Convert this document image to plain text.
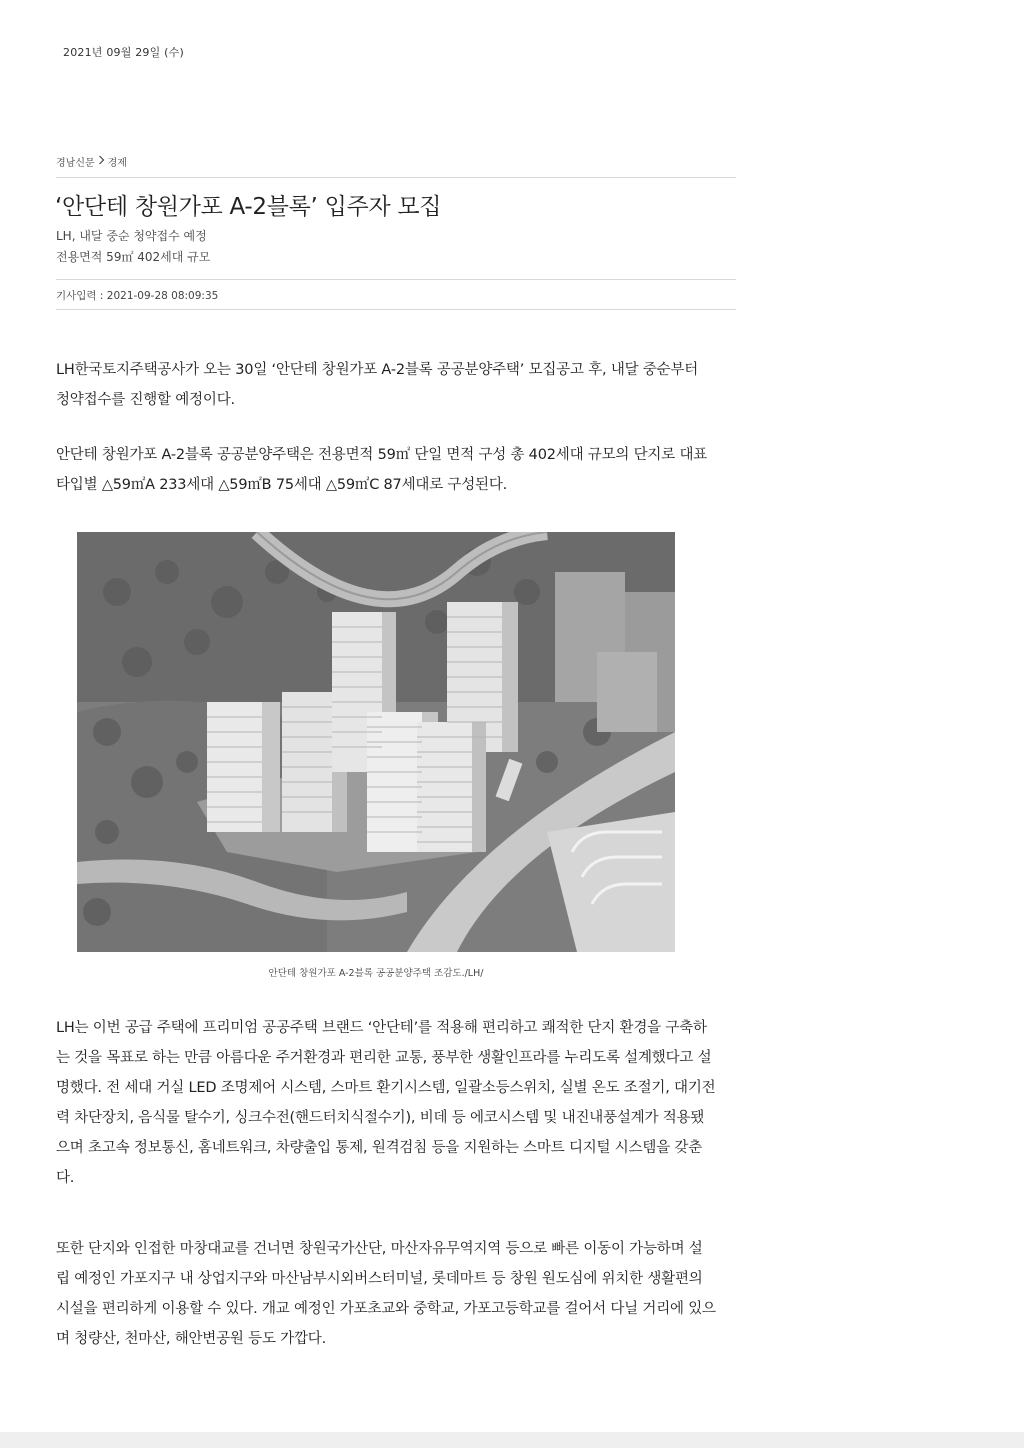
2021년 09월 29일 (수)
경남신문 경제
‘안단테 창원가포 A-2블록’ 입주자 모집
LH, 내달 중순 청약접수 예정
전용면적 59㎡ 402세대 규모
기사입력 : 2021-09-28 08:09:35

LH한국토지주택공사가 오는 30일 ‘안단테 창원가포 A-2블록 공공분양주택’ 모집공고 후, 내달 중순부터 청약접수를 진행할 예정이다.

안단테 창원가포 A-2블록 공공분양주택은 전용면적 59㎡ 단일 면적 구성 총 402세대 규모의 단지로 대표 타입별 △59㎡A 233세대 △59㎡B 75세대 △59㎡C 87세대로 구성된다.

안단테 창원가포 A-2블록 공공분양주택 조감도./LH/

LH는 이번 공급 주택에 프리미엄 공공주택 브랜드 ‘안단테’를 적용해 편리하고 쾌적한 단지 환경을 구축하는 것을 목표로 하는 만큼 아름다운 주거환경과 편리한 교통, 풍부한 생활인프라를 누리도록 설계했다고 설명했다. 전 세대 거실 LED 조명제어 시스템, 스마트 환기시스템, 일괄소등스위치, 실별 온도 조절기, 대기전력 차단장치, 음식물 탈수기, 싱크수전(핸드터치식절수기), 비데 등 에코시스템 및 내진내풍설계가 적용됐으며 초고속 정보통신, 홈네트워크, 차량출입 통제, 원격검침 등을 지원하는 스마트 디지털 시스템을 갖춘다.

또한 단지와 인접한 마창대교를 건너면 창원국가산단, 마산자유무역지역 등으로 빠른 이동이 가능하며 설립 예정인 가포지구 내 상업지구와 마산남부시외버스터미널, 롯데마트 등 창원 원도심에 위치한 생활편의 시설을 편리하게 이용할 수 있다. 개교 예정인 가포초교와 중학교, 가포고등학교를 걸어서 다닐 거리에 있으며 청량산, 천마산, 해안변공원 등도 가깝다.
